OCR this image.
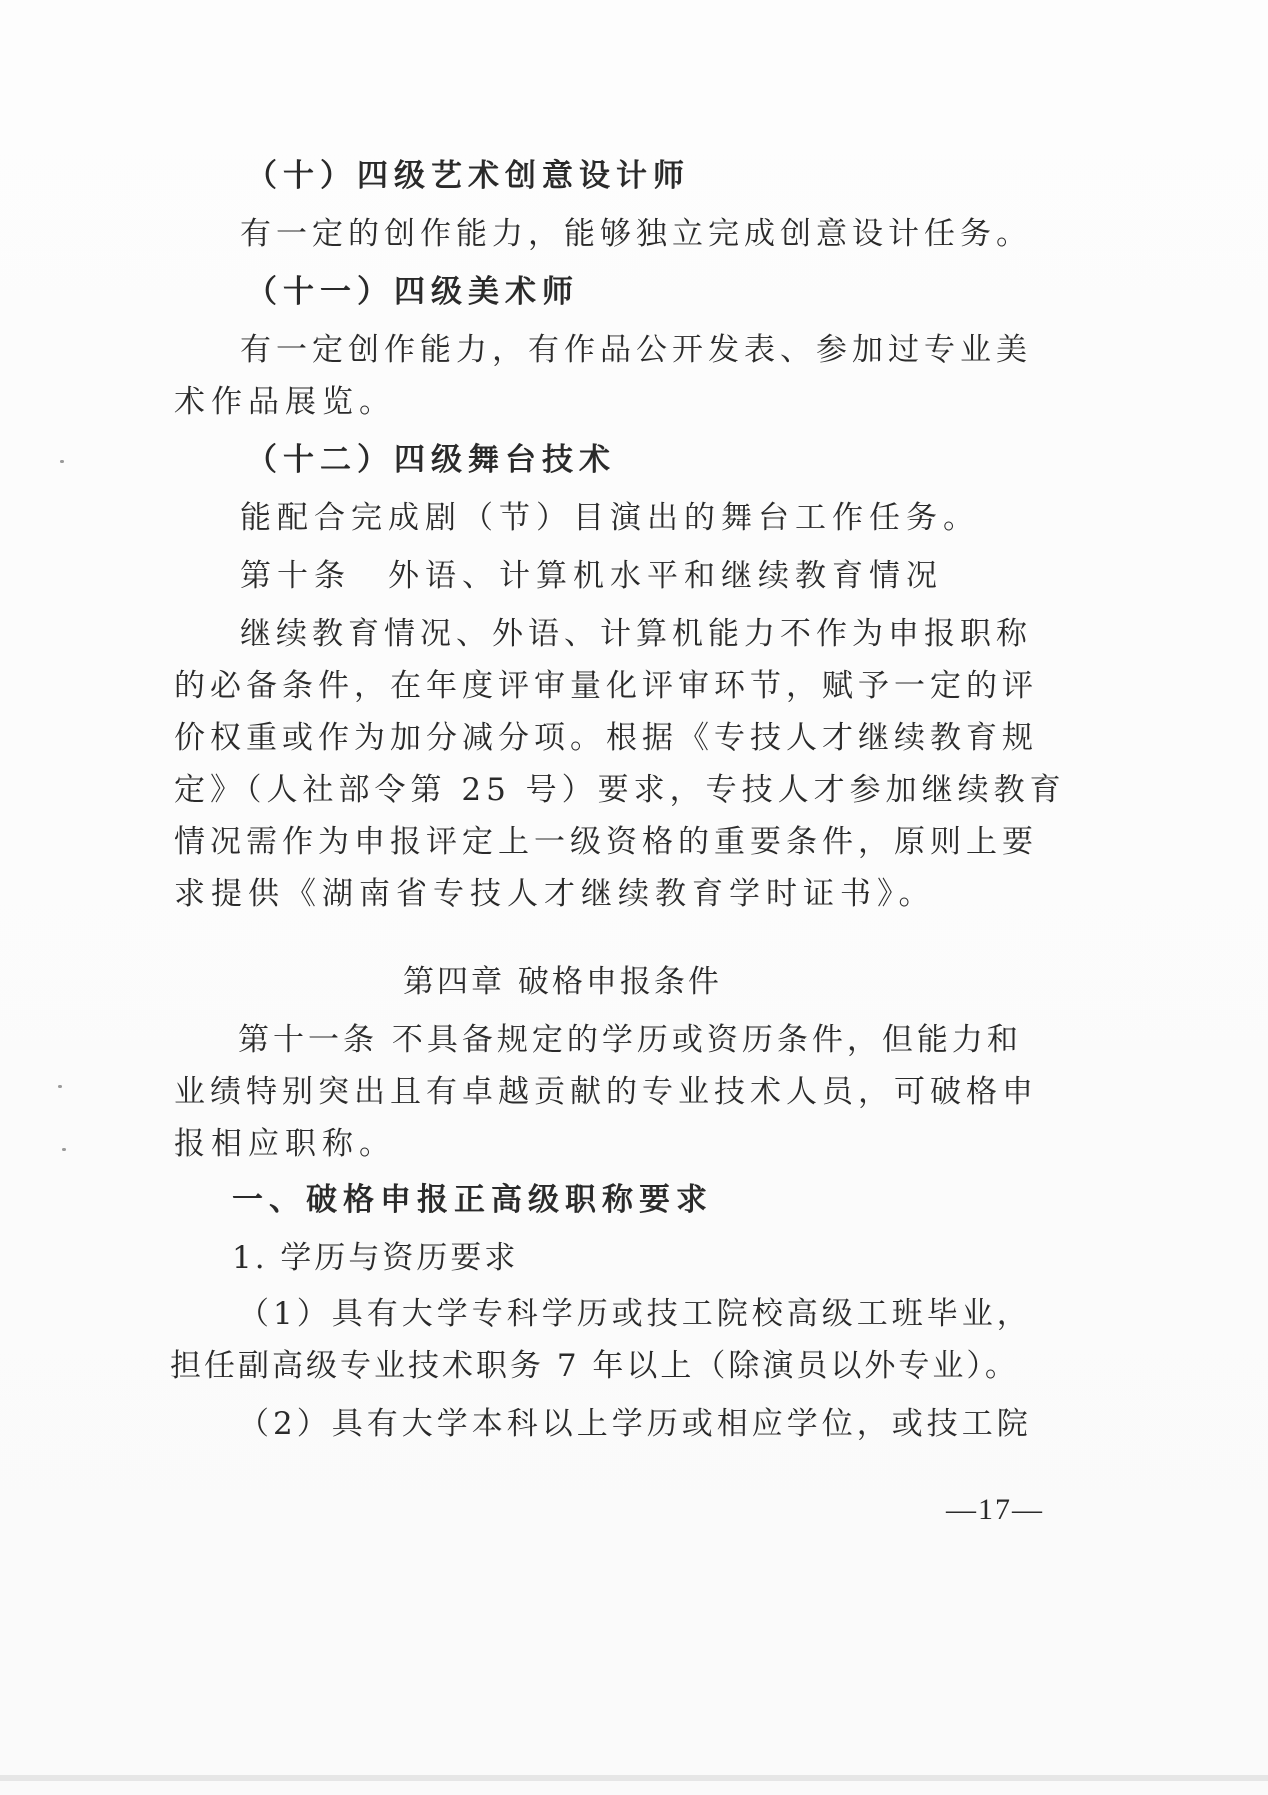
（十）四级艺术创意设计师
有一定的创作能力，能够独立完成创意设计任务。
（十一）四级美术师
有一定创作能力，有作品公开发表、参加过专业美
术作品展览。
（十二）四级舞台技术
能配合完成剧（节）目演出的舞台工作任务。
第十条　外语、计算机水平和继续教育情况
继续教育情况、外语、计算机能力不作为申报职称
的必备条件，在年度评审量化评审环节，赋予一定的评
价权重或作为加分减分项。根据《专技人才继续教育规
定》（人社部令第 25 号）要求，专技人才参加继续教育
情况需作为申报评定上一级资格的重要条件，原则上要
求提供《湖南省专技人才继续教育学时证书》。
第四章 破格申报条件
第十一条 不具备规定的学历或资历条件，但能力和
业绩特别突出且有卓越贡献的专业技术人员，可破格申
报相应职称。
一、破格申报正高级职称要求
1. 学历与资历要求
（1）具有大学专科学历或技工院校高级工班毕业，
担任副高级专业技术职务 7 年以上（除演员以外专业）。
（2）具有大学本科以上学历或相应学位，或技工院
—17—
